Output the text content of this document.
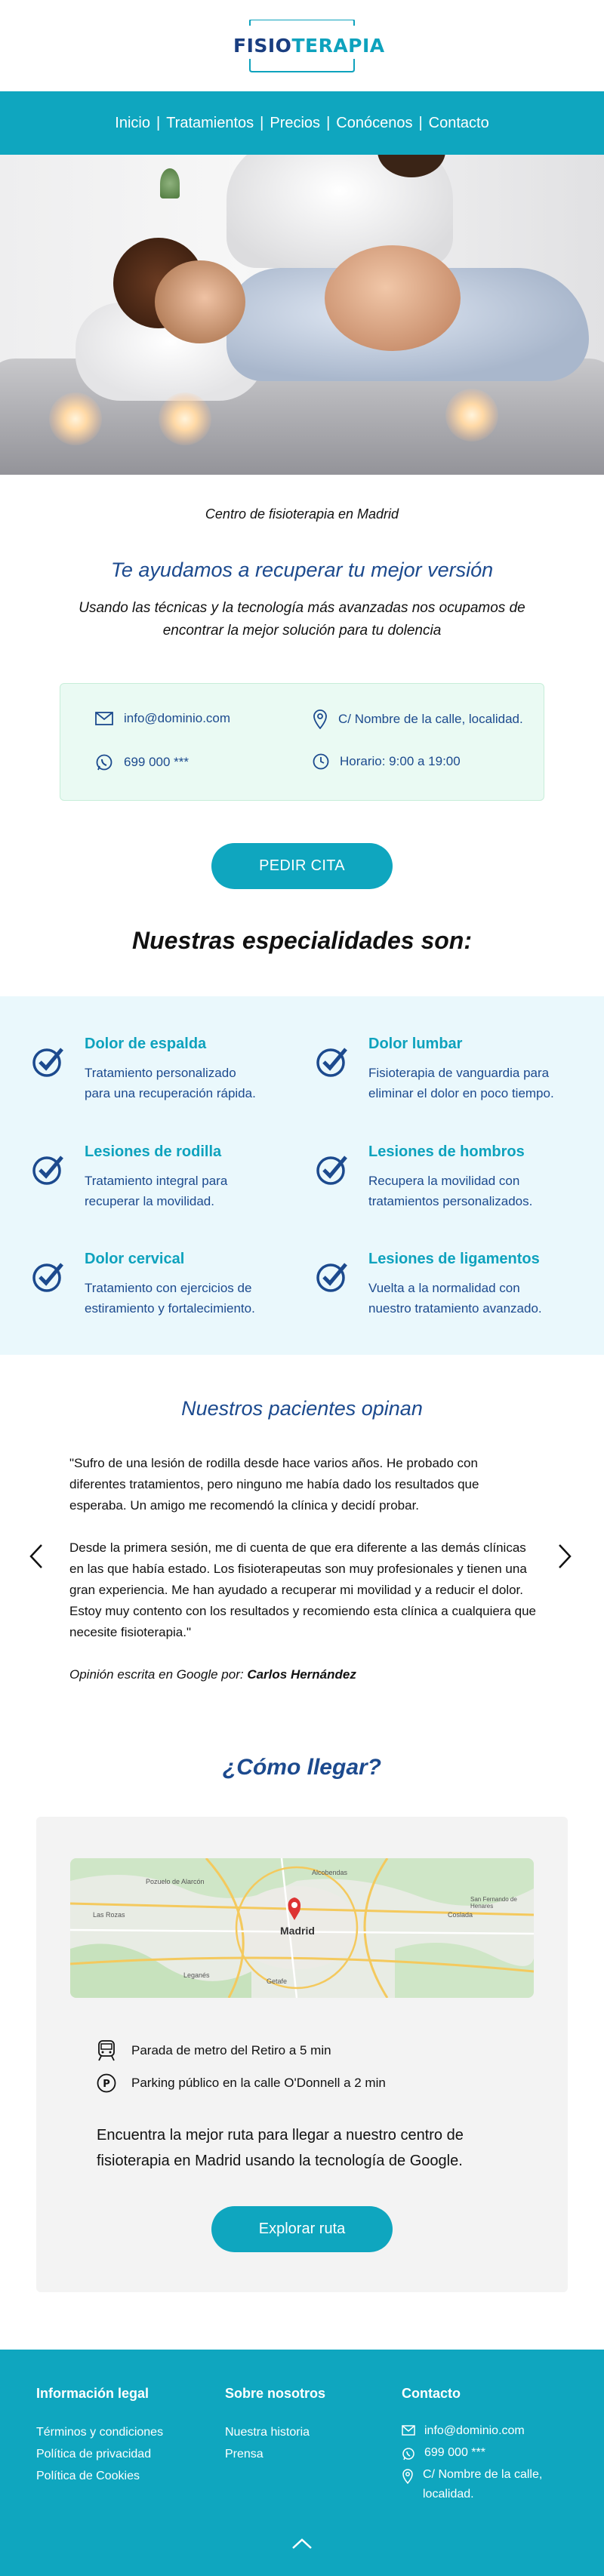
FISIOTERAPIA
Inicio | Tratamientos | Precios | Conócenos | Contacto

Centro de fisioterapia en Madrid

Te ayudamos a recuperar tu mejor versión

Usando las técnicas y la tecnología más avanzadas nos ocupamos de encontrar la mejor solución para tu dolencia

info@dominio.com
699 000 ***
C/ Nombre de la calle, localidad.
Horario: 9:00 a 19:00
PEDIR CITA
Nuestras especialidades son:
Dolor de espalda
Tratamiento personalizado
para una recuperación rápida.
Dolor lumbar
Fisioterapia de vanguardia para
eliminar el dolor en poco tiempo.
Lesiones de rodilla
Tratamiento integral para
recuperar la movilidad.
Lesiones de hombros
Recupera la movilidad con
tratamientos personalizados.
Dolor cervical
Tratamiento con ejercicios de
estiramiento y fortalecimiento.
Lesiones de ligamentos
Vuelta a la normalidad con
nuestro tratamiento avanzado.
Nuestros pacientes opinan

"Sufro de una lesión de rodilla desde hace varios años. He probado con diferentes tratamientos, pero ninguno me había dado los resultados que esperaba. Un amigo me recomendó la clínica y decidí probar.

Desde la primera sesión, me di cuenta de que era diferente a las demás clínicas en las que había estado. Los fisioterapeutas son muy profesionales y tienen una gran experiencia. Me han ayudado a recuperar mi movilidad y a reducir el dolor. Estoy muy contento con los resultados y recomiendo esta clínica a cualquiera que necesite fisioterapia."

Opinión escrita en Google por: Carlos Hernández

¿Cómo llegar?
Madrid
Pozuelo de Alarcón
Alcobendas
Coslada
Leganés
Getafe
Las Rozas
San Fernando de Henares
Parada de metro del Retiro a 5 min
P Parking público en la calle O'Donnell a 2 min

Encuentra la mejor ruta para llegar a nuestro centro de fisioterapia en Madrid usando la tecnología de Google.

Explorar ruta
Información legal
Términos y condiciones
Política de privacidad
Política de Cookies
Sobre nosotros
Nuestra historia
Prensa
Contacto
info@dominio.com
699 000 ***
C/ Nombre de la calle,
localidad.
